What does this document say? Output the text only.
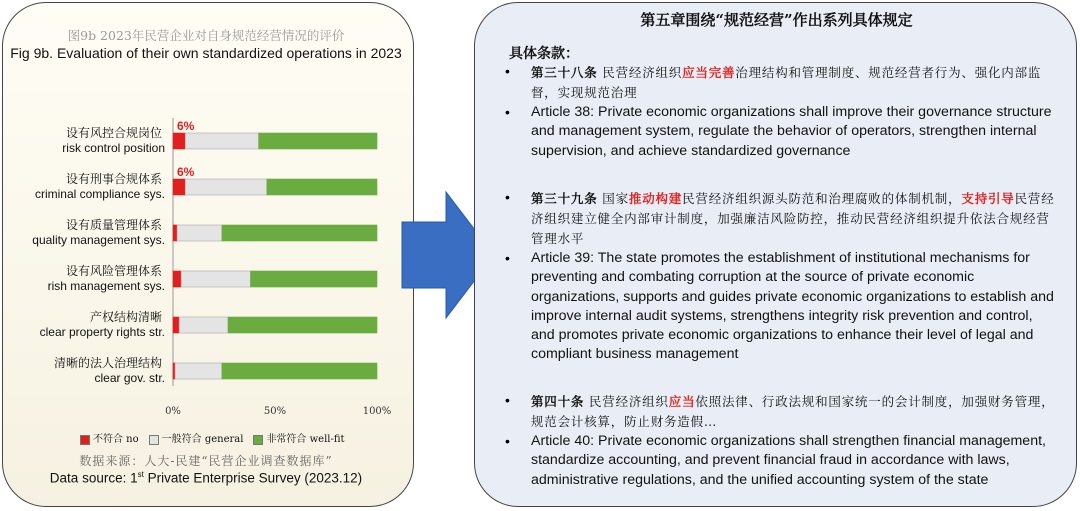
图9b 2023年民营企业对自身规范经营情况的评价
Fig 9b. Evaluation of their own standardized operations in 2023
设有风控合规岗位
risk control position
设有刑事合规体系
criminal compliance sys.
设有质量管理体系
quality management sys.
设有风险管理体系
rish management sys.
产权结构清晰
clear property rights str.
清晰的法人治理结构
clear gov. str.
6%
6%
0%	50%	100%
不符合 no	一般符合 general	非常符合 well-fit
数据来源：人大-民建“民营企业调查数据库”
Data source: 1st Private Enterprise Survey (2023.12)
第五章围绕“规范经营”作出系列具体规定
具体条款：
• 第三十八条 民营经济组织应当完善治理结构和管理制度、规范经营者行为、强化内部监督，实现规范治理
• Article 38: Private economic organizations shall improve their governance structure and management system, regulate the behavior of operators, strengthen internal supervision, and achieve standardized governance
• 第三十九条 国家推动构建民营经济组织源头防范和治理腐败的体制机制，支持引导民营经济组织建立健全内部审计制度，加强廉洁风险防控，推动民营经济组织提升依法合规经营管理水平
• Article 39: The state promotes the establishment of institutional mechanisms for preventing and combating corruption at the source of private economic organizations, supports and guides private economic organizations to establish and improve internal audit systems, strengthens integrity risk prevention and control, and promotes private economic organizations to enhance their level of legal and compliant business management
• 第四十条 民营经济组织应当依照法律、行政法规和国家统一的会计制度，加强财务管理，规范会计核算，防止财务造假…
• Article 40: Private economic organizations shall strengthen financial management, standardize accounting, and prevent financial fraud in accordance with laws, administrative regulations, and the unified accounting system of the state
